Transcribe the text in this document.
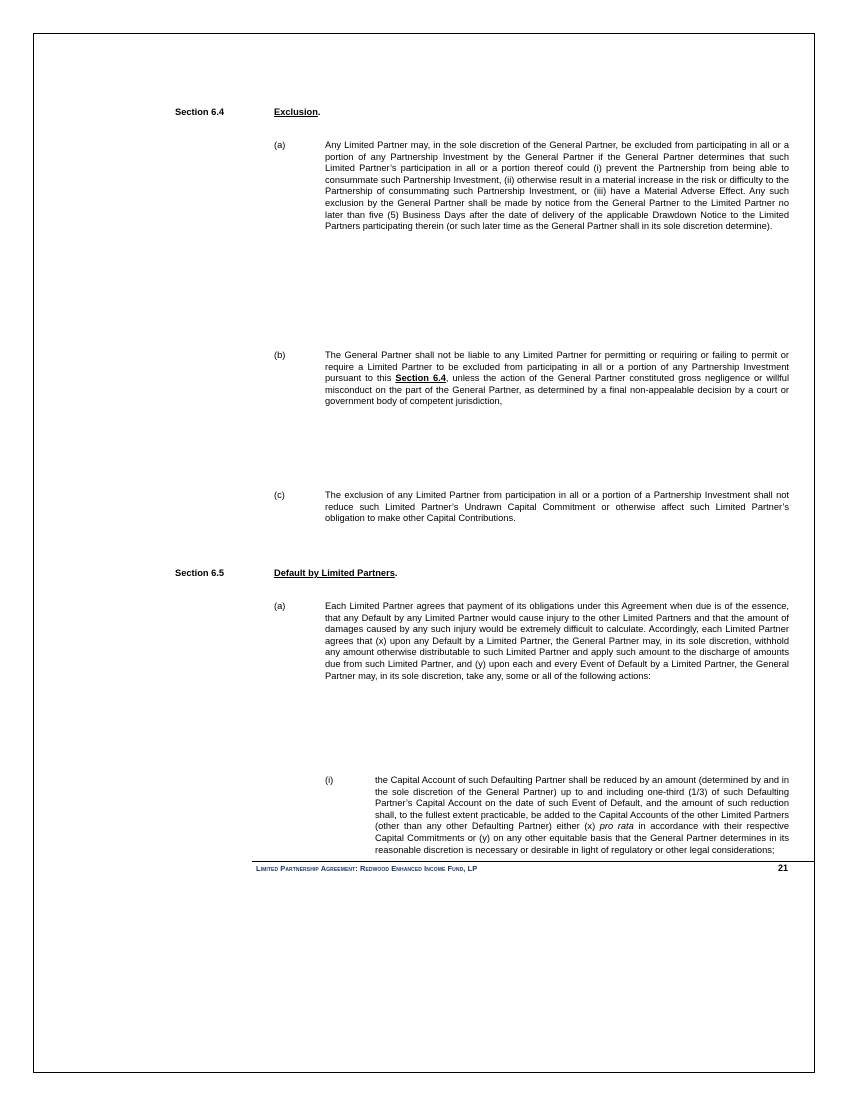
Section 6.4	Exclusion.
(a)	Any Limited Partner may, in the sole discretion of the General Partner, be excluded from participating in all or a portion of any Partnership Investment by the General Partner if the General Partner determines that such Limited Partner’s participation in all or a portion thereof could (i) prevent the Partnership from being able to consummate such Partnership Investment, (ii) otherwise result in a material increase in the risk or difficulty to the Partnership of consummating such Partnership Investment, or (iii) have a Material Adverse Effect. Any such exclusion by the General Partner shall be made by notice from the General Partner to the Limited Partner no later than five (5) Business Days after the date of delivery of the applicable Drawdown Notice to the Limited Partners participating therein (or such later time as the General Partner shall in its sole discretion determine).

(b)	The General Partner shall not be liable to any Limited Partner for permitting or requiring or failing to permit or require a Limited Partner to be excluded from participating in all or a portion of any Partnership Investment pursuant to this Section 6.4, unless the action of the General Partner constituted gross negligence or willful misconduct on the part of the General Partner, as determined by a final non-appealable decision by a court or government body of competent jurisdiction,

(c)	The exclusion of any Limited Partner from participation in all or a portion of a Partnership Investment shall not reduce such Limited Partner’s Undrawn Capital Commitment or otherwise affect such Limited Partner’s obligation to make other Capital Contributions.

Section 6.5	Default by Limited Partners.
(a)	Each Limited Partner agrees that payment of its obligations under this Agreement when due is of the essence, that any Default by any Limited Partner would cause injury to the other Limited Partners and that the amount of damages caused by any such injury would be extremely difficult to calculate. Accordingly, each Limited Partner agrees that (x) upon any Default by a Limited Partner, the General Partner may, in its sole discretion, withhold any amount otherwise distributable to such Limited Partner and apply such amount to the discharge of amounts due from such Limited Partner, and (y) upon each and every Event of Default by a Limited Partner, the General Partner may, in its sole discretion, take any, some or all of the following actions:

(i)	the Capital Account of such Defaulting Partner shall be reduced by an amount (determined by and in the sole discretion of the General Partner) up to and including one-third (1/3) of such Defaulting Partner’s Capital Account on the date of such Event of Default, and the amount of such reduction shall, to the fullest extent practicable, be added to the Capital Accounts of the other Limited Partners (other than any other Defaulting Partner) either (x) pro rata in accordance with their respective Capital Commitments or (y) on any other equitable basis that the General Partner determines in its reasonable discretion is necessary or desirable in light of regulatory or other legal considerations;

Limited Partnership Agreement: Redwood Enhanced Income Fund, LP	21
